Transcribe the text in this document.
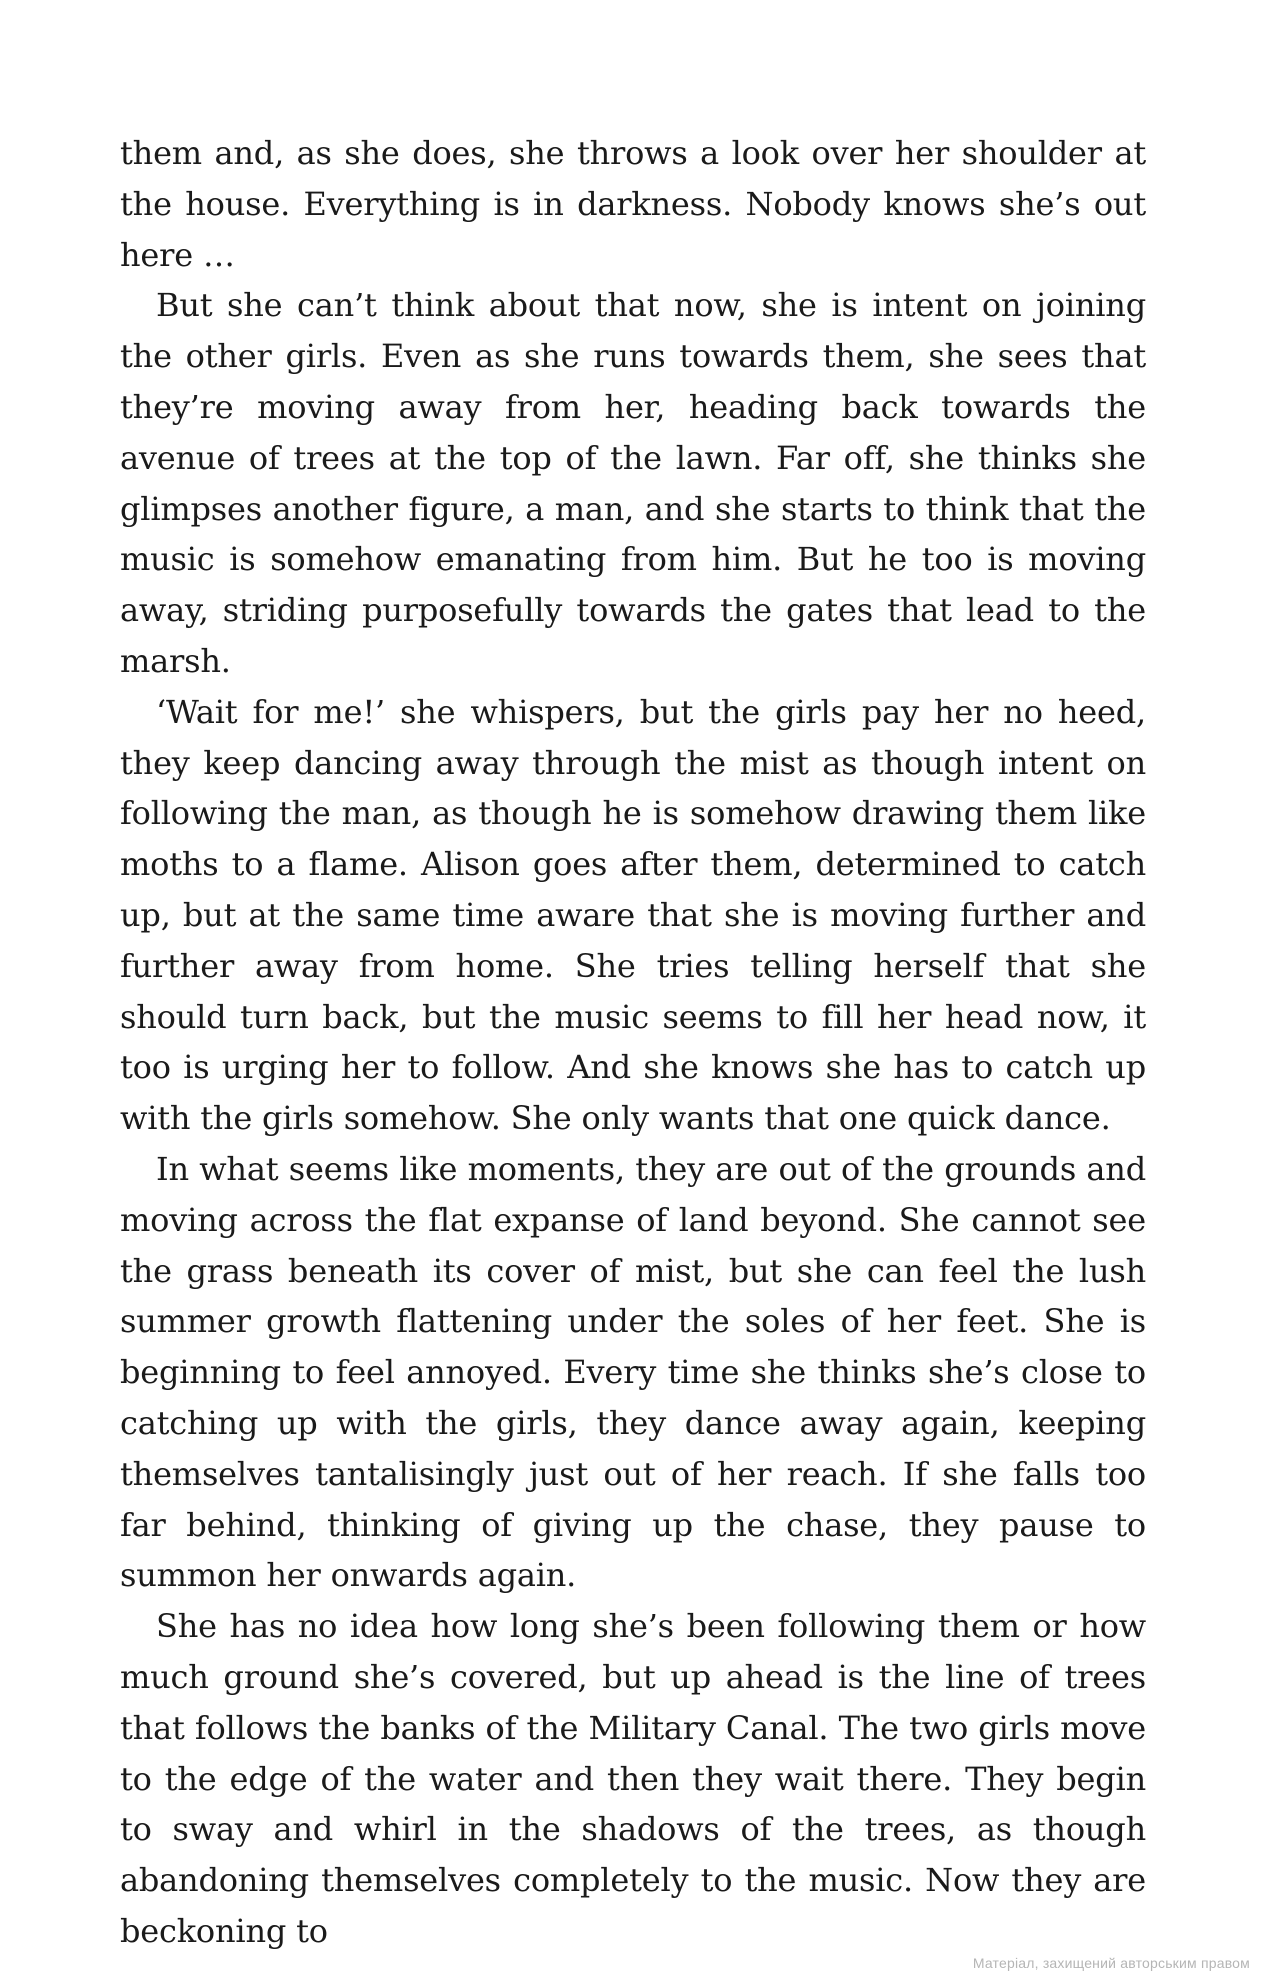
them and, as she does, she throws a look over her shoulder at the house. Everything is in darkness. Nobody knows she’s out here …

But she can’t think about that now, she is intent on joining the other girls. Even as she runs towards them, she sees that they’re moving away from her, heading back towards the avenue of trees at the top of the lawn. Far off, she thinks she glimpses another figure, a man, and she starts to think that the music is somehow emanating from him. But he too is moving away, striding purposefully towards the gates that lead to the marsh.

‘Wait for me!’ she whispers, but the girls pay her no heed, they keep dancing away through the mist as though intent on following the man, as though he is somehow drawing them like moths to a flame. Alison goes after them, determined to catch up, but at the same time aware that she is moving further and further away from home. She tries telling herself that she should turn back, but the music seems to fill her head now, it too is urging her to follow. And she knows she has to catch up with the girls somehow. She only wants that one quick dance.

In what seems like moments, they are out of the grounds and moving across the flat expanse of land beyond. She cannot see the grass beneath its cover of mist, but she can feel the lush summer growth flattening under the soles of her feet. She is beginning to feel annoyed. Every time she thinks she’s close to catching up with the girls, they dance away again, keeping themselves tantalisingly just out of her reach. If she falls too far behind, thinking of giving up the chase, they pause to summon her onwards again.

She has no idea how long she’s been following them or how much ground she’s covered, but up ahead is the line of trees that follows the banks of the Military Canal. The two girls move to the edge of the water and then they wait there. They begin to sway and whirl in the shadows of the trees, as though abandoning themselves completely to the music. Now they are beckoning to

Матеріал, захищений авторським правом
